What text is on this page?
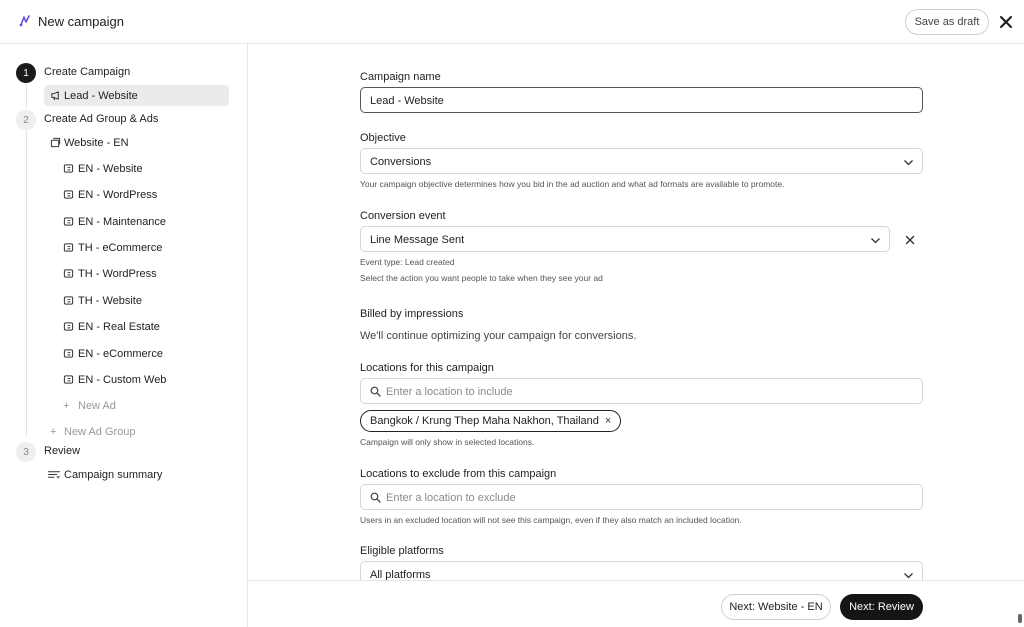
New campaign	Save as draft
1	Create Campaign
Lead - Website
2	Create Ad Group & Ads
Website - EN
EN - Website
EN - WordPress
EN - Maintenance
TH - eCommerce
TH - WordPress
TH - Website
EN - Real Estate
EN - eCommerce
EN - Custom Web
+ New Ad
+ New Ad Group
3	Review
Campaign summary
Campaign name
Lead - Website
Objective
Conversions
Your campaign objective determines how you bid in the ad auction and what ad formats are available to promote.
Conversion event
Line Message Sent
Event type: Lead created
Select the action you want people to take when they see your ad
Billed by impressions
We'll continue optimizing your campaign for conversions.
Locations for this campaign
Enter a location to include
Bangkok / Krung Thep Maha Nakhon, Thailand ×
Campaign will only show in selected locations.
Locations to exclude from this campaign
Enter a location to exclude
Users in an excluded location will not see this campaign, even if they also match an included location.
Eligible platforms
All platforms
Next: Website - EN	Next: Review
